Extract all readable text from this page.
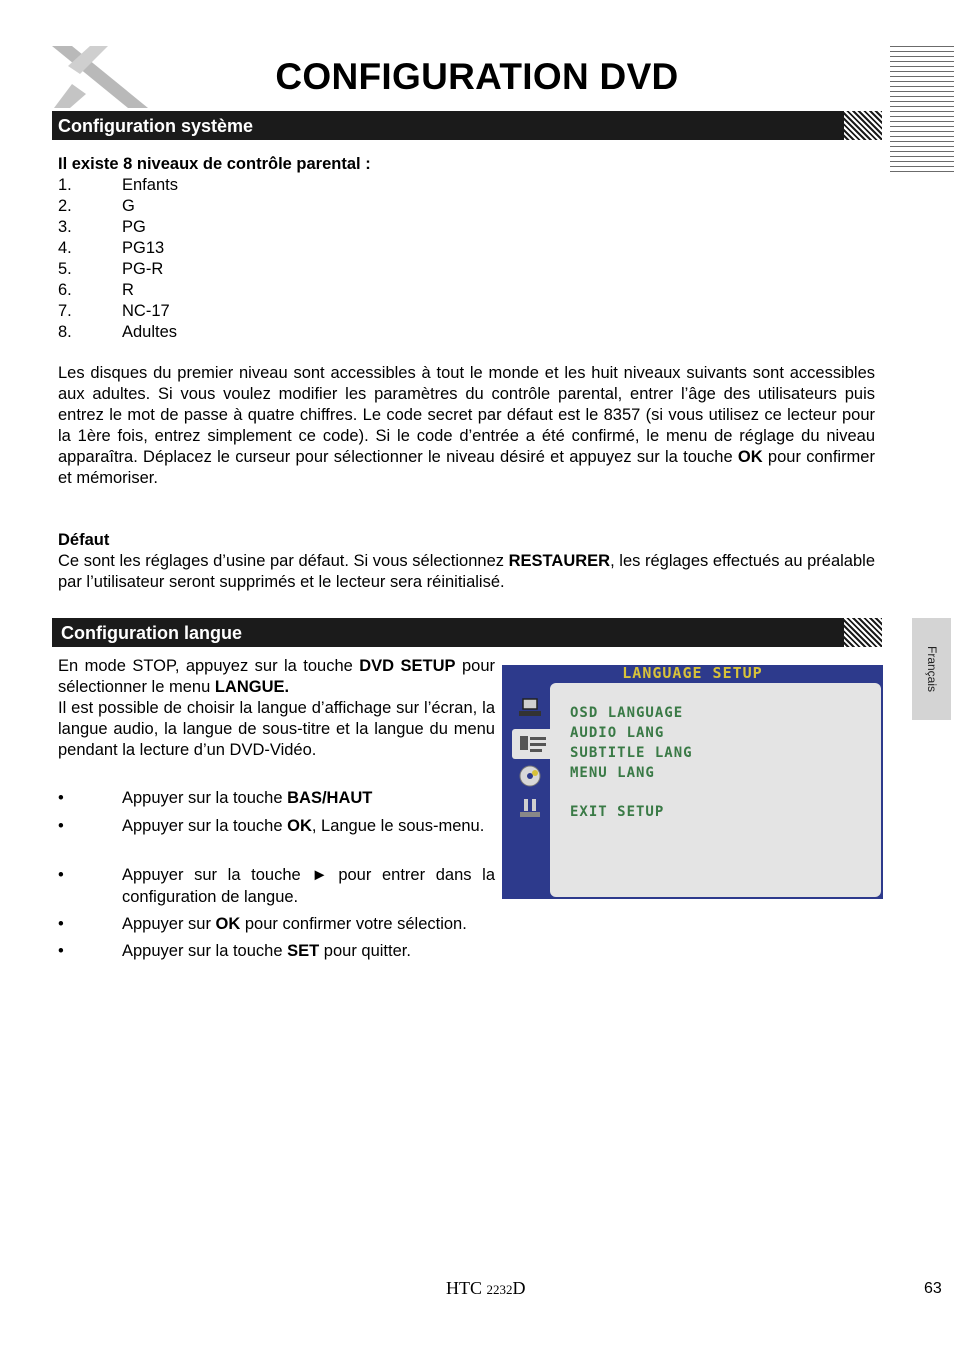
CONFIGURATION DVD
Configuration système
Il existe 8 niveaux de contrôle parental :
1.	Enfants
2.	G
3.	PG
4.	PG13
5.	PG-R
6.	R
7.	NC-17
8.	Adultes
Les disques du premier niveau sont accessibles à tout le monde et les huit niveaux suivants sont accessibles aux adultes. Si vous voulez modifier les paramètres du contrôle parental, entrer l’âge des utilisateurs puis entrez le mot de passe à quatre chiffres. Le code secret par défaut est le 8357 (si vous utilisez ce lecteur pour la 1ère fois, entrez simplement ce code). Si le code d’entrée a été confirmé, le menu de réglage du niveau apparaîtra. Déplacez le curseur pour sélectionner le niveau désiré et appuyez sur la touche OK pour confirmer et mémoriser.
Défaut
Ce sont les réglages d’usine par défaut. Si vous sélectionnez RESTAURER, les réglages effectués au préalable par l’utilisateur seront supprimés et le lecteur sera réinitialisé.
Configuration langue
En mode STOP, appuyez sur la touche DVD SETUP pour sélectionner le menu LANGUE.
Il est possible de choisir la langue d’affichage sur l’écran, la langue audio, la langue de sous-titre et la langue du menu pendant la lecture d’un DVD-Vidéo.
•	Appuyer sur la touche BAS/HAUT
•	Appuyer sur la touche OK, Langue le sous-menu.
•	Appuyer sur la touche ► pour entrer dans la configuration de langue.
•	Appuyer sur OK pour confirmer votre sélection.
•	Appuyer sur la touche SET pour quitter.
LANGUAGE SETUP
OSD LANGUAGE
AUDIO LANG
SUBTITLE LANG
MENU LANG
EXIT SETUP
Français
HTC 2232D	63
